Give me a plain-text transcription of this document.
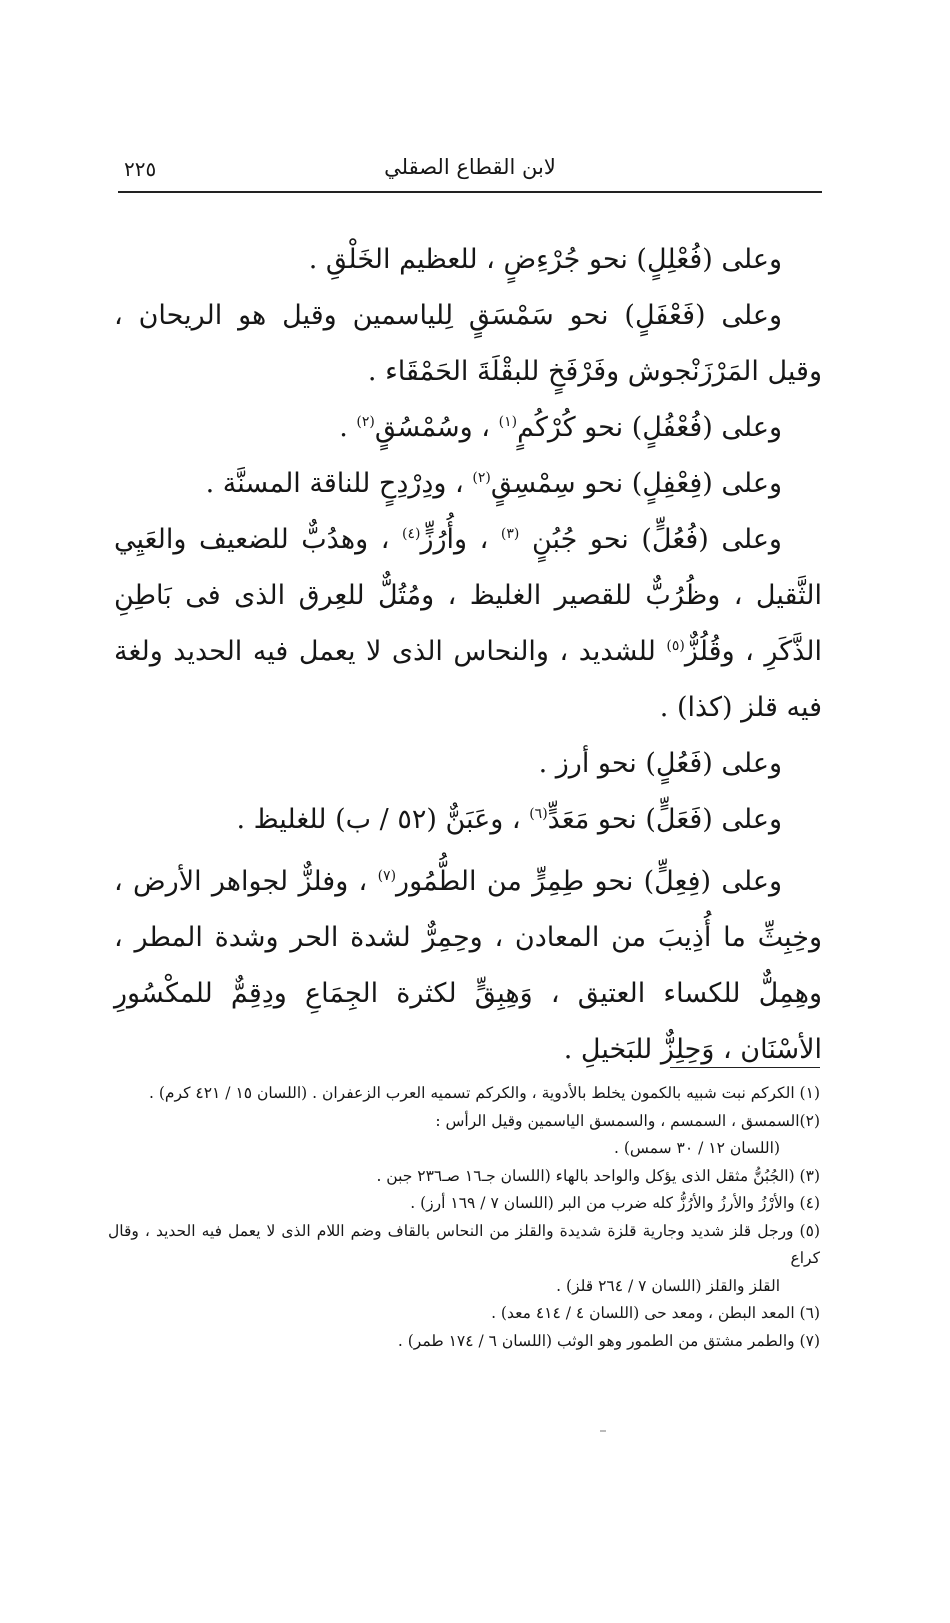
٢٢٥	لابن القطاع الصقلي

وعلى (فُعْلِلٍ) نحو جُرْءِضٍ ، للعظيم الخَلْقِ .

وعلى (فَعْفَلٍ) نحو سَمْسَقٍ لِلياسمين وقيل هو الريحان ، وقيل المَرْزَنْجوش وفَرْفَخٍ للبقْلَةَ الحَمْقَاء .

وعلى (فُعْفُلٍ) نحو كُرْكُمٍ$^{(١)}$ ، وسُمْسُقٍ$^{(٢)}$ .

وعلى (فِعْفِلٍ) نحو سِمْسِقٍ$^{(٢)}$ ، ودِرْدِحٍ للناقة المسنَّة .

وعلى (فُعُلٍّ) نحو جُبُنٍ $^{(٣)}$ ، وأُرُزٍّ$^{(٤)}$ ، وهدُبٌّ للضعيف والعَيِي الثَّقيل ، وظُرُبٌّ للقصير الغليظ ، ومُتُلٌّ للعِرق الذى فى بَاطِنِ الذَّكَرِ ، وقُلُزٌّ$^{(٥)}$ للشديد ، والنحاس الذى لا يعمل فيه الحديد ولغة فيه قلز (كذا) .

وعلى (فَعُلٍ) نحو أرز .

وعلى (فَعَلٍّ) نحو مَعَدٍّ$^{(٦)}$ ، وعَبَنٌّ (٥٢ / ب) للغليظ .

وعلى (فِعِلٍّ) نحو طِمِرٍّ من الطُّمُور$^{(٧)}$ ، وفلزٌّ لجواهر الأرض ، وخِبِثِّ ما أُذِيبَ من المعادن ، وحِمِرٌّ لشدة الحر وشدة المطر ، وهِمِلٌّ للكساء العتيق ، وَهِبِقٍّ لكثرة الجِمَاعِ ودِقِمٌّ للمكْسُورِ الأسْنَان ، وَحِلِزٌّ للبَخيلِ .

(١) الكركم نبت شبيه بالكمون يخلط بالأدوية ، والكركم تسميه العرب الزعفران . (اللسان ١٥ / ٤٢١ كرم) .

(٢)السمسق ، السمسم ، والسمسق الياسمين وقيل الرأس :

(اللسان ١٢ / ٣٠ سمس) .

(٣) (الجُبُنُّ مثقل الذى يؤكل والواحد بالهاء (اللسان جـ١٦ صـ٢٣٦ جبن .

(٤) والأرْزُ والأرزُ والأرُزُّ كله ضرب من البر (اللسان ٧ / ١٦٩ أرز) .

(٥) ورجل قلز شديد وجارية قلزة شديدة والقلز من النحاس بالقاف وضم اللام الذى لا يعمل فيه الحديد ، وقال كراع

القلز والقلز (اللسان ٧ / ٢٦٤ قلز) .

(٦) المعد البطن ، ومعد حى (اللسان ٤ / ٤١٤ معد) .

(٧) والطمر مشتق من الطمور وهو الوثب (اللسان ٦ / ١٧٤ طمر) .
